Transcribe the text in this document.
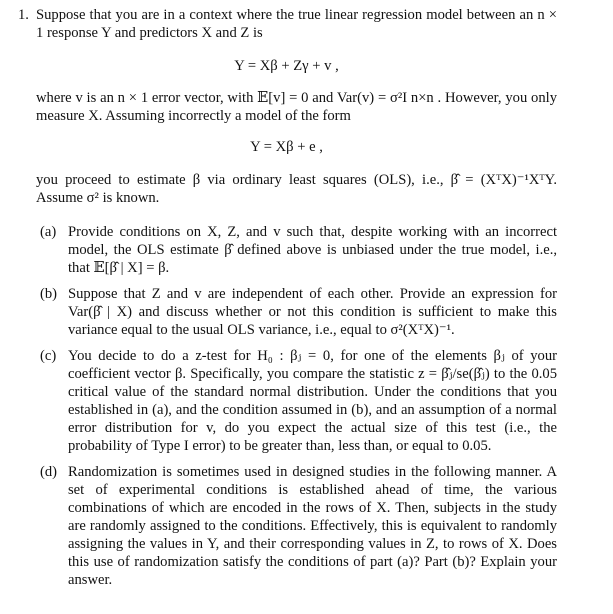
1. Suppose that you are in a context where the true linear regression model between an n × 1 response Y and predictors X and Z is

Y = Xβ + Zγ + v ,

where v is an n × 1 error vector, with 𝔼[v] = 0 and Var(v) = σ²I n×n . However, you only measure X. Assuming incorrectly a model of the form

Y = Xβ + e ,

you proceed to estimate β via ordinary least squares (OLS), i.e., β̂ = (XᵀX)⁻¹XᵀY. Assume σ² is known.

(a) Provide conditions on X, Z, and v such that, despite working with an incorrect model, the OLS estimate β̂ defined above is unbiased under the true model, i.e., that 𝔼[β̂ | X] = β.

(b) Suppose that Z and v are independent of each other. Provide an expression for Var(β̂ | X) and discuss whether or not this condition is sufficient to make this variance equal to the usual OLS variance, i.e., equal to σ²(XᵀX)⁻¹.

(c) You decide to do a z-test for H₀ : βⱼ = 0, for one of the elements βⱼ of your coefficient vector β. Specifically, you compare the statistic z = β̂ⱼ/se(β̂ⱼ) to the 0.05 critical value of the standard normal distribution. Under the conditions that you established in (a), and the condition assumed in (b), and an assumption of a normal error distribution for v, do you expect the actual size of this test (i.e., the probability of Type I error) to be greater than, less than, or equal to 0.05.

(d) Randomization is sometimes used in designed studies in the following manner. A set of experimental conditions is established ahead of time, the various combinations of which are encoded in the rows of X. Then, subjects in the study are randomly assigned to the conditions. Effectively, this is equivalent to randomly assigning the values in Y, and their corresponding values in Z, to rows of X. Does this use of randomization satisfy the conditions of part (a)? Part (b)? Explain your answer.
